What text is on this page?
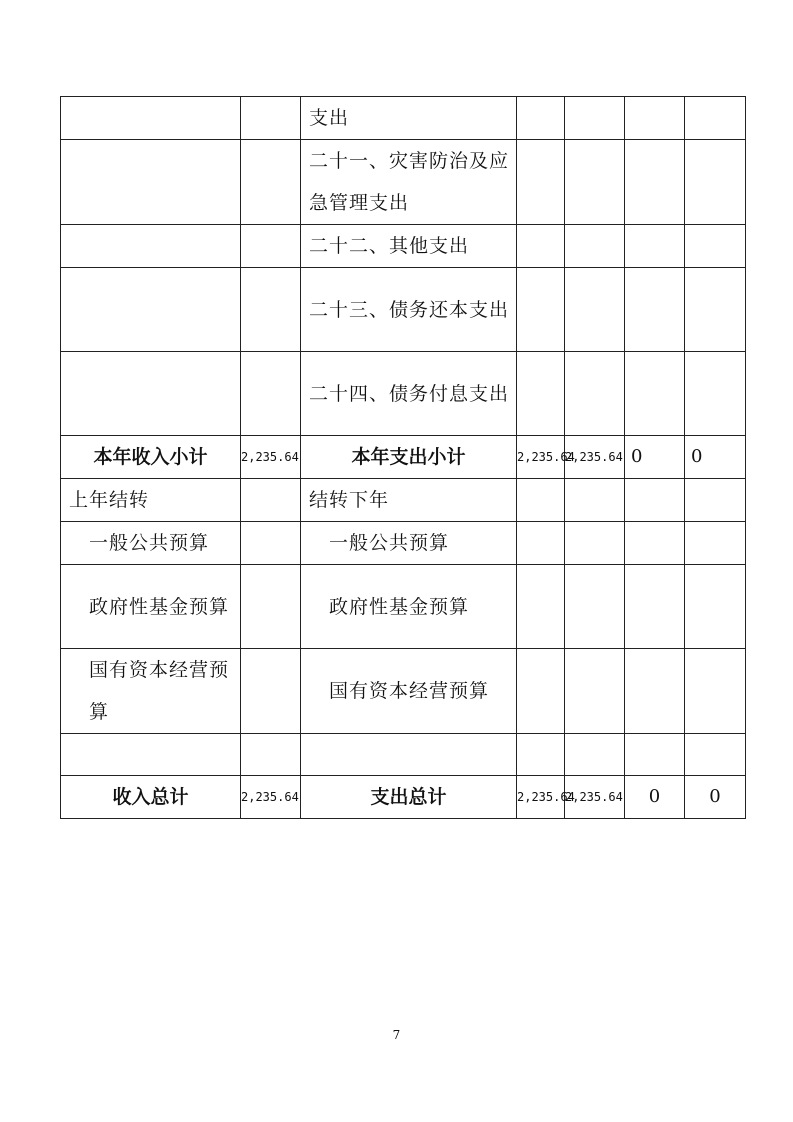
		支出				
		二十一、灾害防治及应急管理支出				
		二十二、其他支出				
		二十三、债务还本支出				
		二十四、债务付息支出				
本年收入小计	2,235.64	本年支出小计	2,235.64	2,235.64	0	0
上年结转		结转下年				
一般公共预算		一般公共预算				
政府性基金预算		政府性基金预算				
国有资本经营预算		国有资本经营预算				

收入总计	2,235.64	支出总计	2,235.64	2,235.64	0	0
7
